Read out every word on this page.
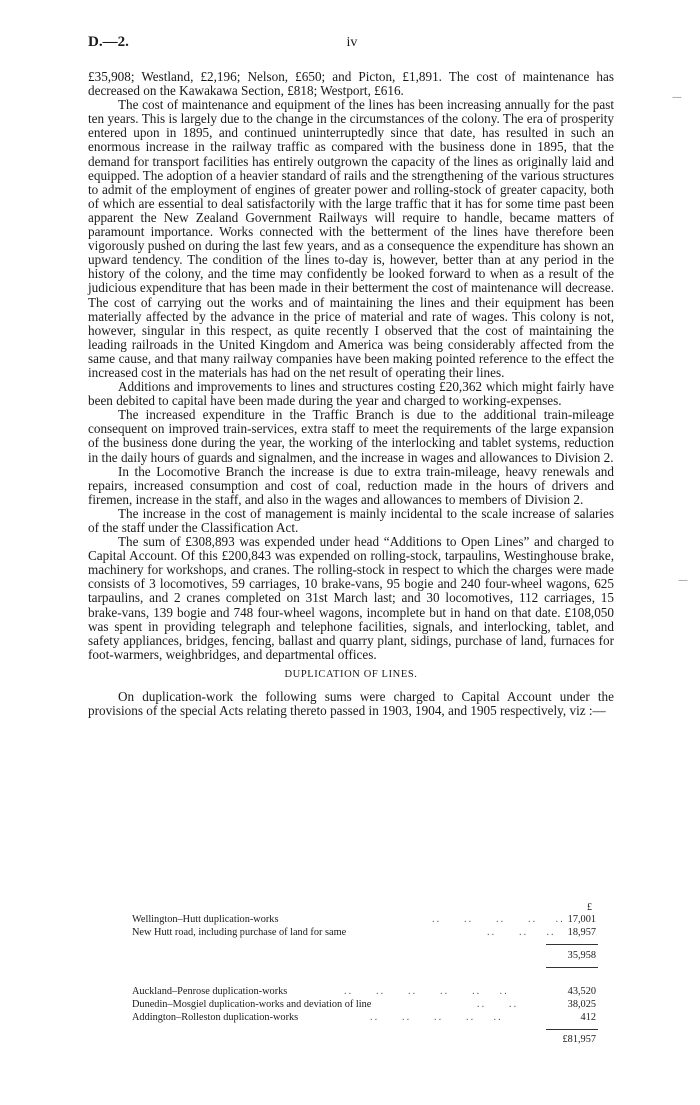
D.—2.	iv
—
—

£35,908; Westland, £2,196; Nelson, £650; and Picton, £1,891. The cost of maintenance has decreased on the Kawakawa Section, £818; Westport, £616.

The cost of maintenance and equipment of the lines has been increasing annually for the past ten years. This is largely due to the change in the circumstances of the colony. The era of prosperity entered upon in 1895, and continued uninterruptedly since that date, has resulted in such an enormous increase in the railway traffic as compared with the business done in 1895, that the demand for transport facilities has entirely outgrown the capacity of the lines as originally laid and equipped. The adoption of a heavier standard of rails and the strengthening of the various structures to admit of the employment of engines of greater power and rolling-stock of greater capacity, both of which are essential to deal satisfactorily with the large traffic that it has for some time past been apparent the New Zealand Government Railways will require to handle, became matters of paramount importance. Works connected with the betterment of the lines have therefore been vigorously pushed on during the last few years, and as a consequence the expenditure has shown an upward tendency. The condition of the lines to-day is, however, better than at any period in the history of the colony, and the time may confidently be looked forward to when as a result of the judicious expenditure that has been made in their betterment the cost of maintenance will decrease. The cost of carrying out the works and of maintaining the lines and their equipment has been materially affected by the advance in the price of material and rate of wages. This colony is not, however, singular in this respect, as quite recently I observed that the cost of maintaining the leading railroads in the United Kingdom and America was being considerably affected from the same cause, and that many railway companies have been making pointed reference to the effect the increased cost in the materials has had on the net result of operating their lines.

Additions and improvements to lines and structures costing £20,362 which might fairly have been debited to capital have been made during the year and charged to working-expenses.

The increased expenditure in the Traffic Branch is due to the additional train-mileage consequent on improved train-services, extra staff to meet the requirements of the large expansion of the business done during the year, the working of the interlocking and tablet systems, reduction in the daily hours of guards and signalmen, and the increase in wages and allowances to Division 2.

In the Locomotive Branch the increase is due to extra train-mileage, heavy renewals and repairs, increased consumption and cost of coal, reduction made in the hours of drivers and firemen, increase in the staff, and also in the wages and allowances to members of Division 2.

The increase in the cost of management is mainly incidental to the scale increase of salaries of the staff under the Classification Act.

The sum of £308,893 was expended under head “Additions to Open Lines” and charged to Capital Account. Of this £200,843 was expended on rolling-stock, tarpaulins, Westinghouse brake, machinery for workshops, and cranes. The rolling-stock in respect to which the charges were made consists of 3 locomotives, 59 carriages, 10 brake-vans, 95 bogie and 240 four-wheel wagons, 625 tarpaulins, and 2 cranes completed on 31st March last; and 30 locomotives, 112 carriages, 15 brake-vans, 139 bogie and 748 four-wheel wagons, incomplete but in hand on that date. £108,050 was spent in providing telegraph and telephone facilities, signals, and interlocking, tablet, and safety appliances, bridges, fencing, ballast and quarry plant, sidings, purchase of land, furnaces for foot-warmers, weighbridges, and departmental offices.

DUPLICATION OF LINES.

On duplication-work the following sums were charged to Capital Account under the provisions of the special Acts relating thereto passed in 1903, 1904, and 1905 respectively, viz :—

£
Wellington–Hutt duplication-works	..     ..     ..     ..    .. 17,001
New Hutt road, including purchase of land for same	..     ..    ..	18,957
35,958
Auckland–Penrose duplication-works	..     ..     ..     ..     ..    ..	43,520
Dunedin–Mosgiel duplication-works and deviation of line	..     ..	38,025
Addington–Rolleston duplication-works	..     ..     ..     ..    ..	412
£81,957
